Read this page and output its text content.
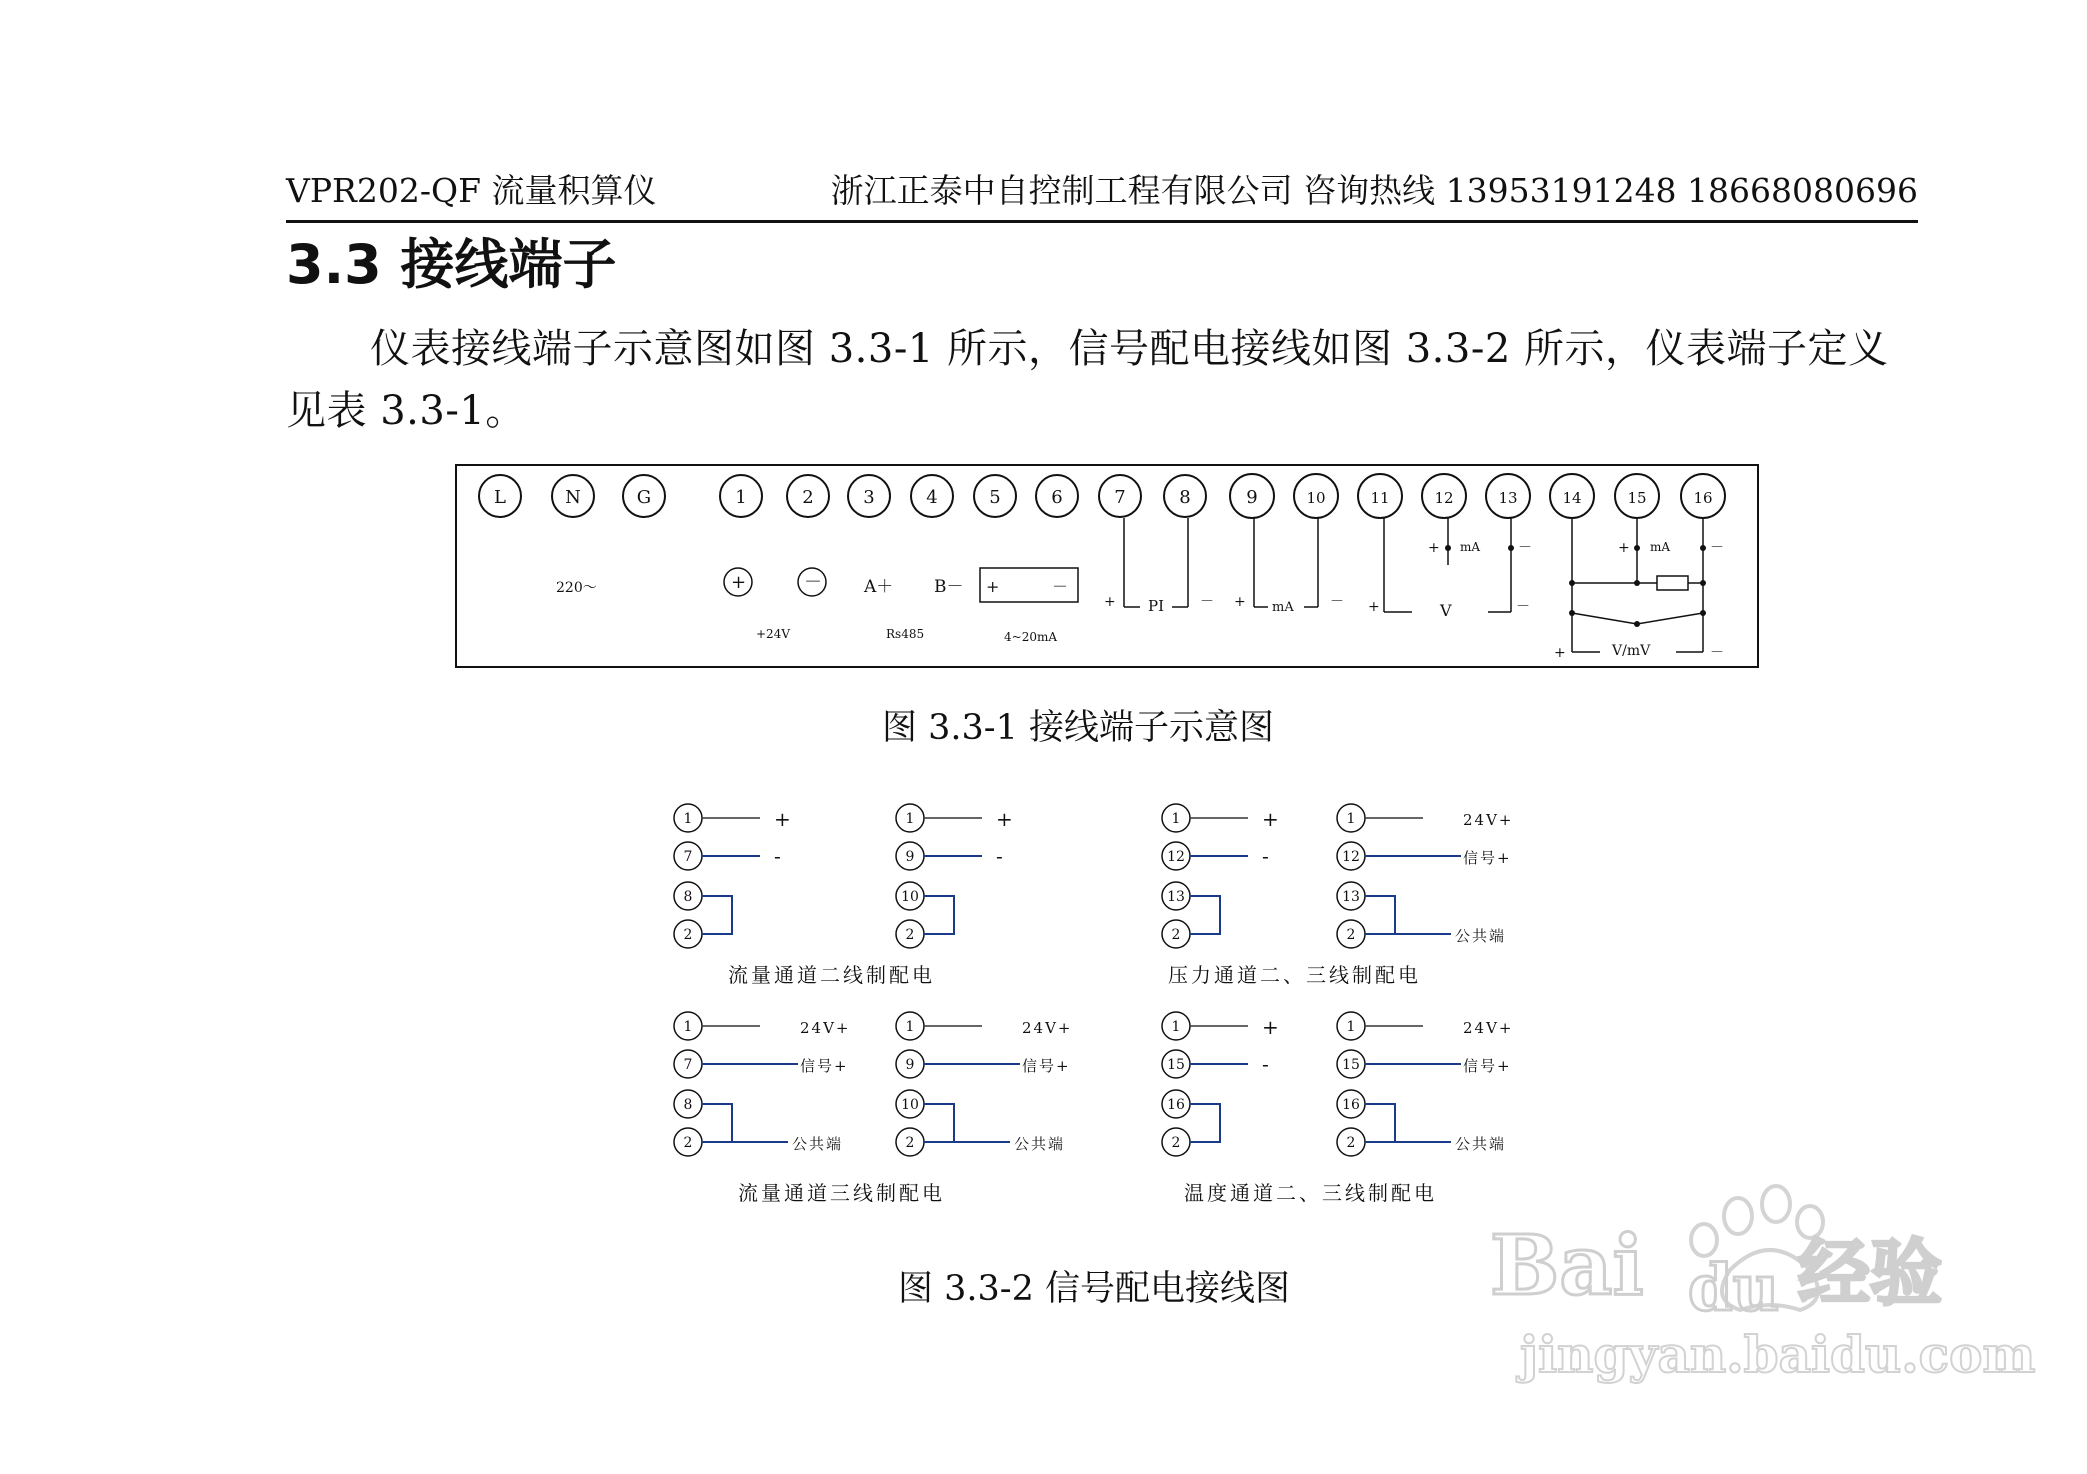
VPR202-QF 流量积算仪	浙江正泰中自控制工程有限公司 咨询热线 13953191248 18668080696
3.3 接线端子
仪表接线端子示意图如图 3.3-1 所示，信号配电接线如图 3.3-2 所示，仪表端子定义见表 3.3-1。
L	N	G	1	2	3	4	5	6	7	8	9	10	11	12	13	14	15	16
220～	+	－
+24V
A＋ B－
Rs485
+	－
4~20mA
+ PI	－ + mA	－ +	V	－
+ mA	－	+ mA	－
+	V/mV	－
1
7
8
2
+
-
1
9
10
2
+
-
1
12
13
2
+
-
1
12
13
2
24V+
信号+
公共端
1
7
8
2
24V+
信号+
公共端
1
9
10
2
24V+
信号+
公共端
1
15
16
2
+
-
1
15
16
2
24V+
信号+
公共端
流量通道二线制配电	压力通道二、三线制配电
流量通道三线制配电	温度通道二、三线制配电
图 3.3-1 接线端子示意图
图 3.3-2 信号配电接线图 Bai du 经验
jingyan.baidu.com
